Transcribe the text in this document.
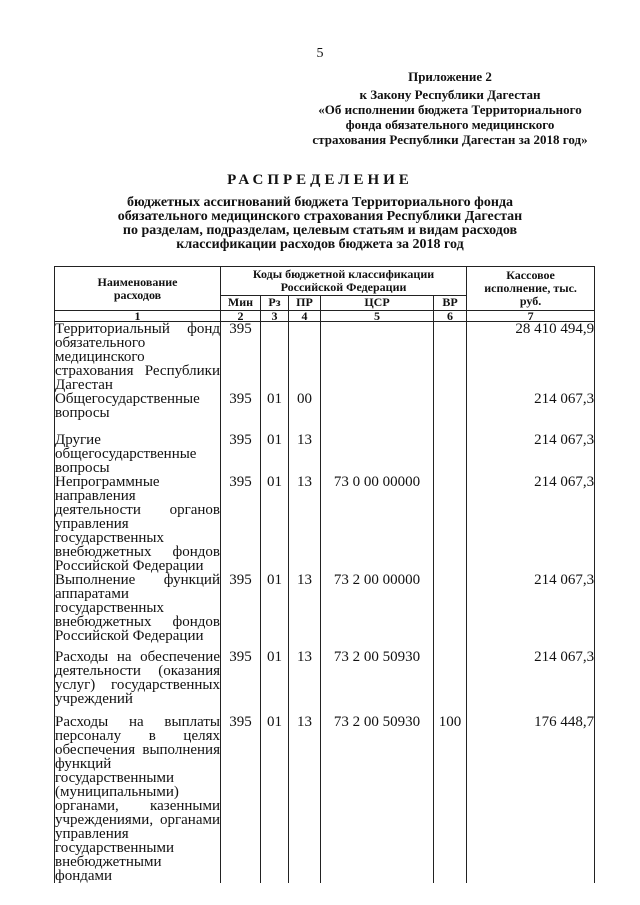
5
Приложение 2
к Закону Республики Дагестан
«Об исполнении бюджета Территориального
фонда обязательного медицинского
страхования Республики Дагестан за 2018 год»
РАСПРЕДЕЛЕНИЕ
бюджетных ассигнований бюджета Территориального фонда
обязательного медицинского страхования Республики Дагестан
по разделам, подразделам, целевым статьям и видам расходов
классификации расходов бюджета за 2018 год
Наименование расходов	Коды бюджетной классификации Российской Федерации					Кассовое исполнение, тыс. руб.
	Мин	Рз	ПР	ЦСР	ВР	
1	2	3	4	5	6	7
Территориальный фонд обязательного медицинского страхования Республики Дагестан	395					28 410 494,9
Общегосударственные вопросы	395	01	00			214 067,3
Другие общегосударственные вопросы	395	01	13			214 067,3
Непрограммные направления деятельности органов управления государственных внебюджетных фондов Российской Федерации	395	01	13	73 0 00 00000		214 067,3
Выполнение функций аппаратами государственных внебюджетных фондов Российской Федерации	395	01	13	73 2 00 00000		214 067,3
Расходы на обеспечение деятельности (оказания услуг) государственных учреждений	395	01	13	73 2 00 50930		214 067,3
Расходы на выплаты персоналу в целях обеспечения выполнения функций государственными (муниципальными) органами, казенными учреждениями, органами управления государственными внебюджетными фондами	395	01	13	73 2 00 50930	100	176 448,7
